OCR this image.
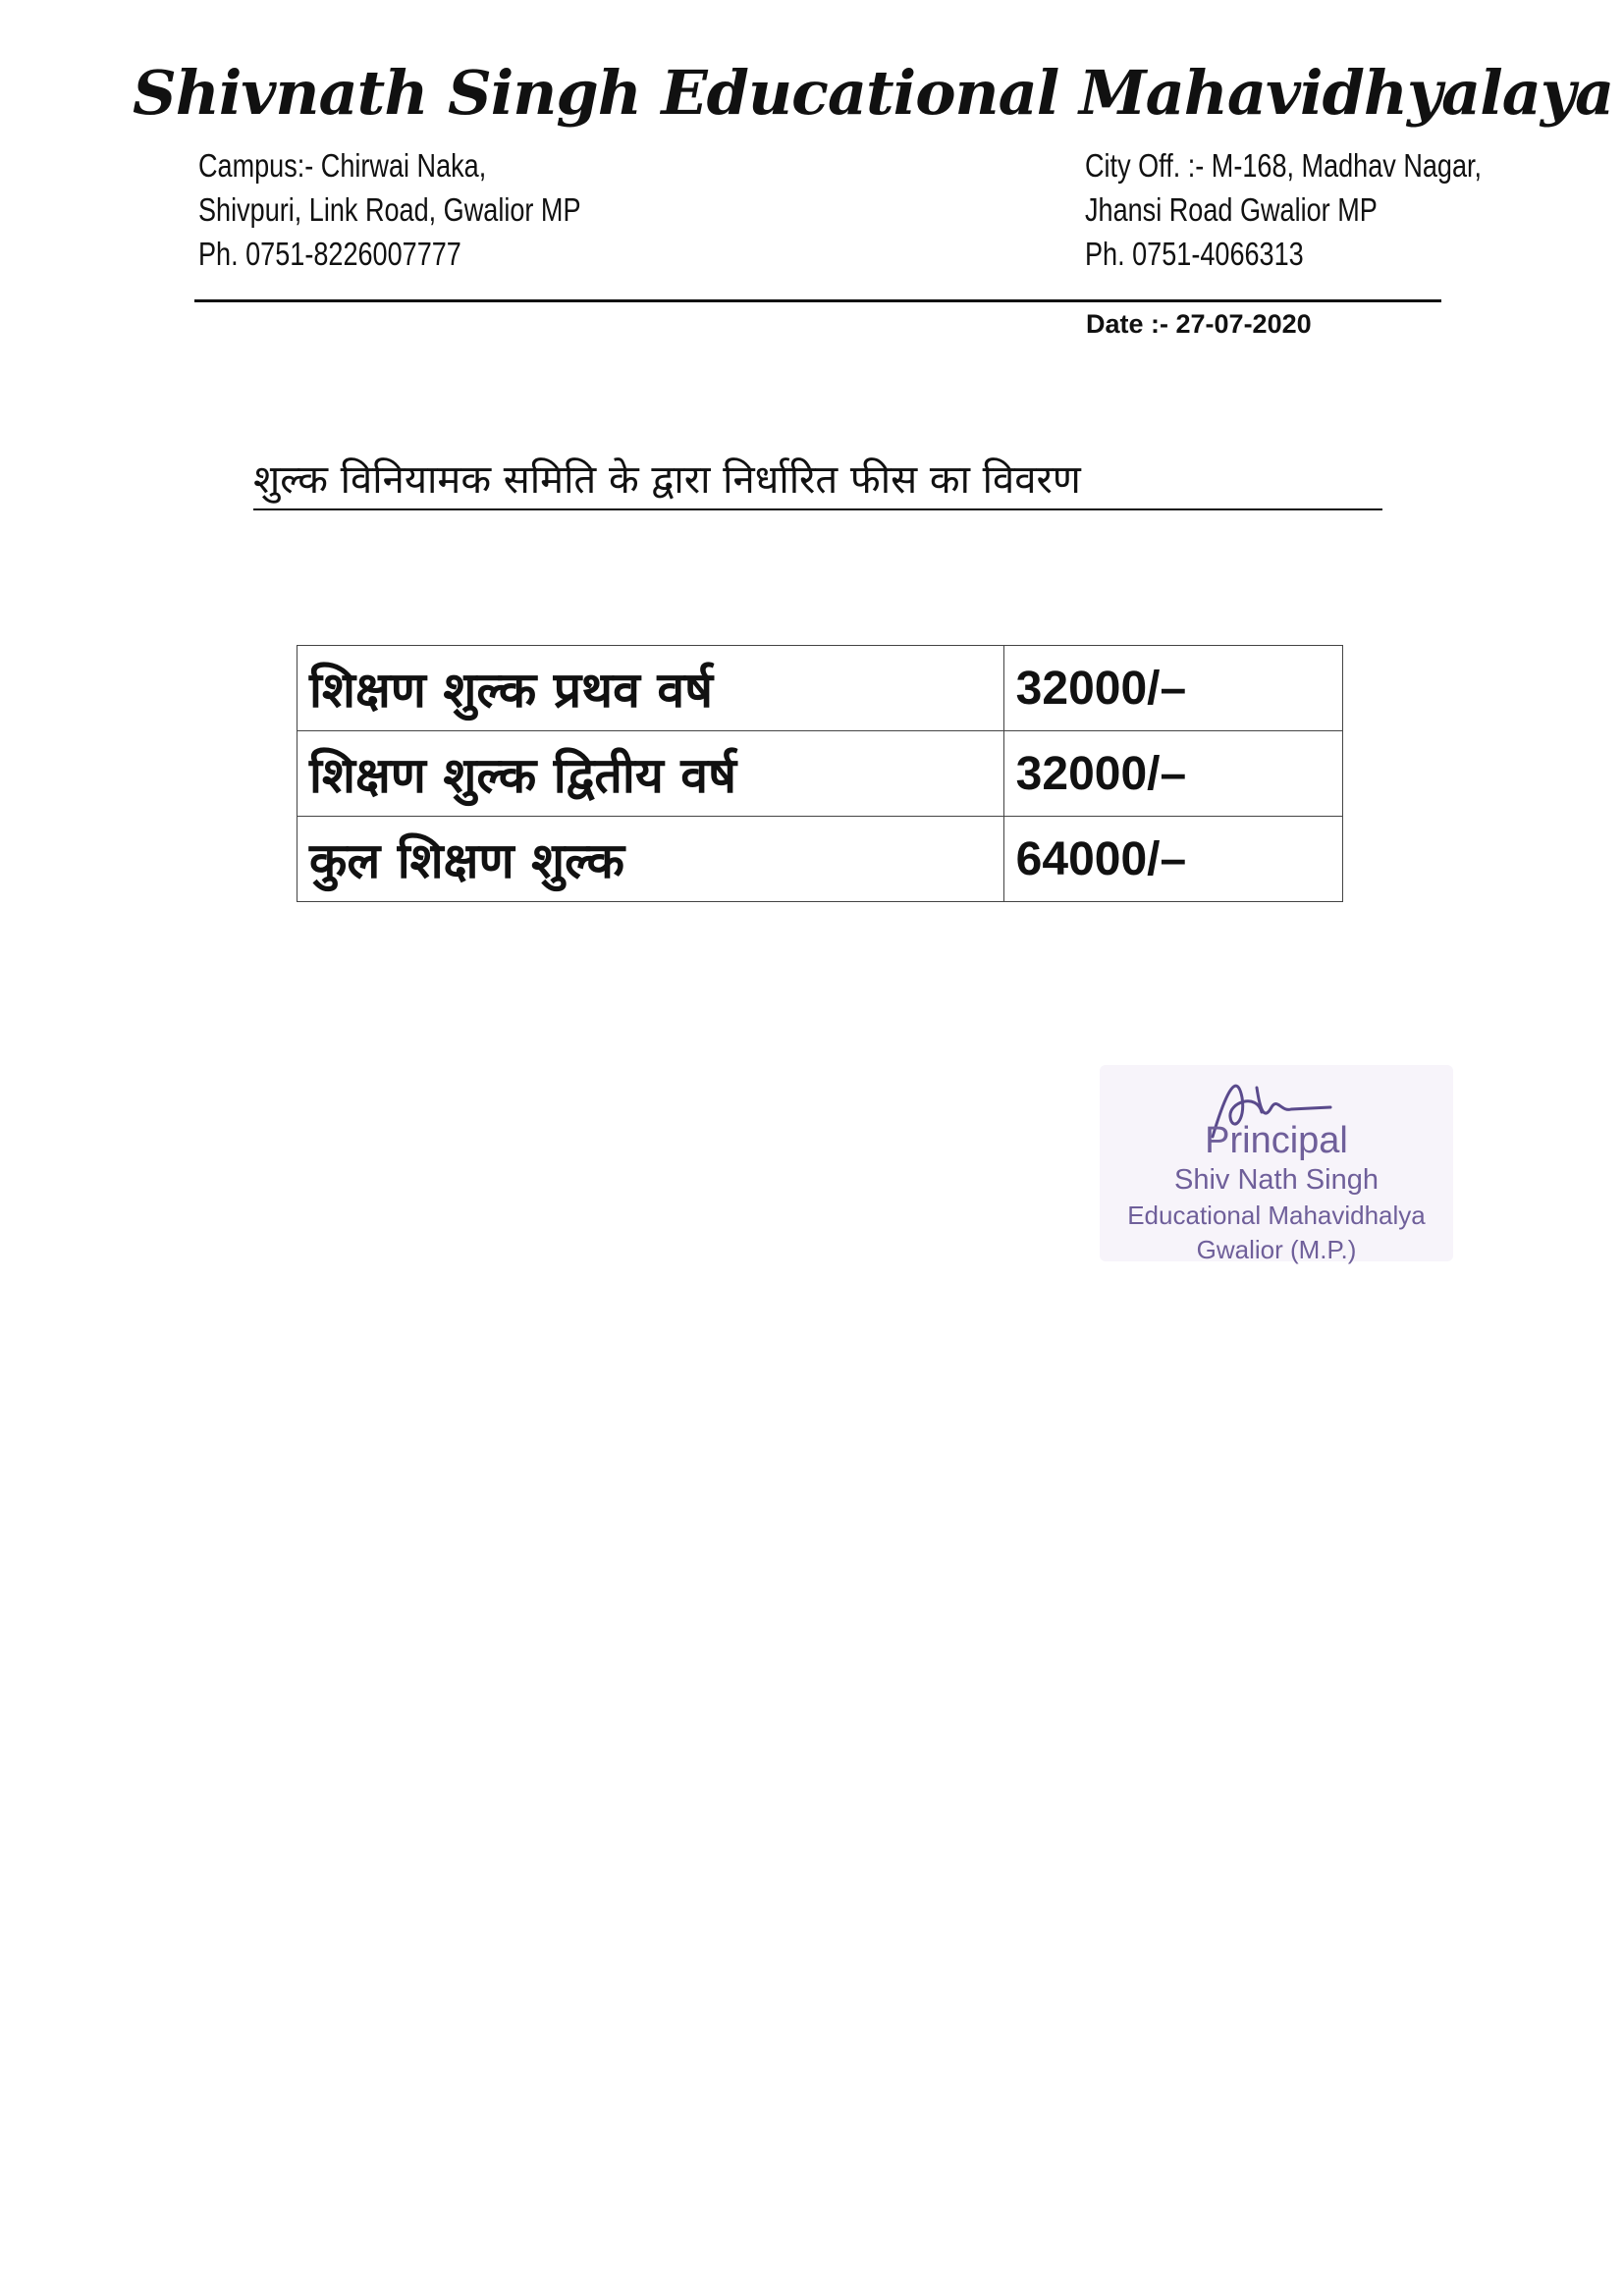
Shivnath Singh Educational Mahavidhyalaya
Campus:- Chirwai Naka,
Shivpuri, Link Road, Gwalior MP
Ph. 0751-8226007777
City Off. :- M-168, Madhav Nagar,
Jhansi Road Gwalior MP
Ph. 0751-4066313
Date :- 27-07-2020
शुल्क विनियामक समिति के द्वारा निर्धारित फीस का विवरण
शिक्षण शुल्क प्रथव वर्ष	32000/–
शिक्षण शुल्क द्वितीय वर्ष	32000/–
कुल शिक्षण शुल्क	64000/–
Principal
Shiv Nath Singh
Educational Mahavidhalya
Gwalior (M.P.)
